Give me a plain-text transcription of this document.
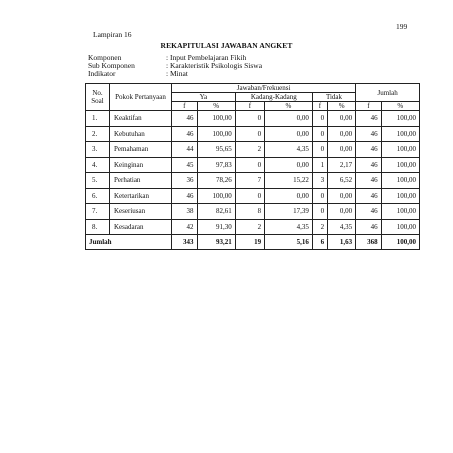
199
Lampiran 16
REKAPITULASI JAWABAN ANGKET
Komponen	: Input Pembelajaran Fikih
Sub Komponen	: Karakteristik Psikologis Siswa
Indikator	: Minat
No. Soal	Pokok Pertanyaan	Jawaban/Frekuensi						Jumlah	
		Ya		Kadang-Kadang		Tidak			
		f	%	f	%	f	%	f	%
1.	Keaktifan	46	100,00	0	0,00	0	0,00	46	100,00
2.	Kebutuhan	46	100,00	0	0,00	0	0,00	46	100,00
3.	Pemahaman	44	95,65	2	4,35	0	0,00	46	100,00
4.	Keinginan	45	97,83	0	0,00	1	2,17	46	100,00
5.	Perhatian	36	78,26	7	15,22	3	6,52	46	100,00
6.	Ketertarikan	46	100,00	0	0,00	0	0,00	46	100,00
7.	Keseriusan	38	82,61	8	17,39	0	0,00	46	100,00
8.	Kesadaran	42	91,30	2	4,35	2	4,35	46	100,00
Jumlah		343	93,21	19	5,16	6	1,63	368	100,00
